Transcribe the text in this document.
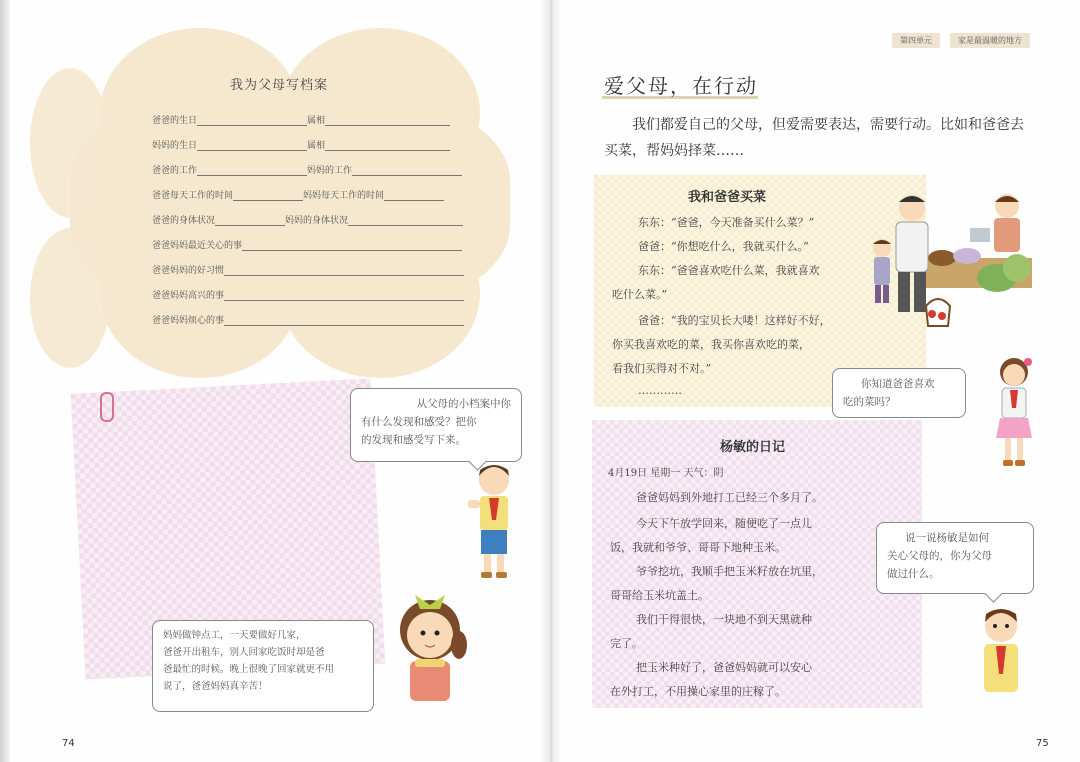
我为父母写档案
爸爸的生日	属相
妈妈的生日	属相
爸爸的工作	妈妈的工作
爸爸每天工作的时间	妈妈每天工作的时间
爸爸的身体状况	妈妈的身体状况
爸爸妈妈最近关心的事
爸爸妈妈的好习惯
爸爸妈妈高兴的事
爸爸妈妈烦心的事
从父母的小档案中你
有什么发现和感受？把你
的发现和感受写下来。
妈妈做钟点工，一天要做好几家，
爸爸开出租车，别人回家吃饭时却是爸
爸最忙的时候。晚上很晚了回家就更不用
说了，爸爸妈妈真辛苦！
74
第四单元	家是最温暖的地方
爱父母，在行动
我们都爱自己的父母，但爱需要表达，需要行动。比如和爸爸去买菜，帮妈妈择菜……
我和爸爸买菜
东东：“爸爸，今天准备买什么菜？”
爸爸：“你想吃什么，我就买什么。”
东东：“爸爸喜欢吃什么菜，我就喜欢
吃什么菜。”
爸爸：“我的宝贝长大喽！这样好不好，
你买我喜欢吃的菜，我买你喜欢吃的菜，
看我们买得对不对。”
…………	你知道爸爸喜欢
吃的菜吗？
杨敏的日记
4月19日 星期一 天气：阴
爸爸妈妈到外地打工已经三个多月了。
今天下午放学回来，随便吃了一点儿
饭，我就和爷爷、哥哥下地种玉米。
爷爷挖坑，我顺手把玉米籽放在坑里，
哥哥给玉米坑盖土。
我们干得很快，一块地不到天黑就种
完了。
把玉米种好了，爸爸妈妈就可以安心
在外打工，不用操心家里的庄稼了。
说一说杨敏是如何
关心父母的，你为父母
做过什么。
75
